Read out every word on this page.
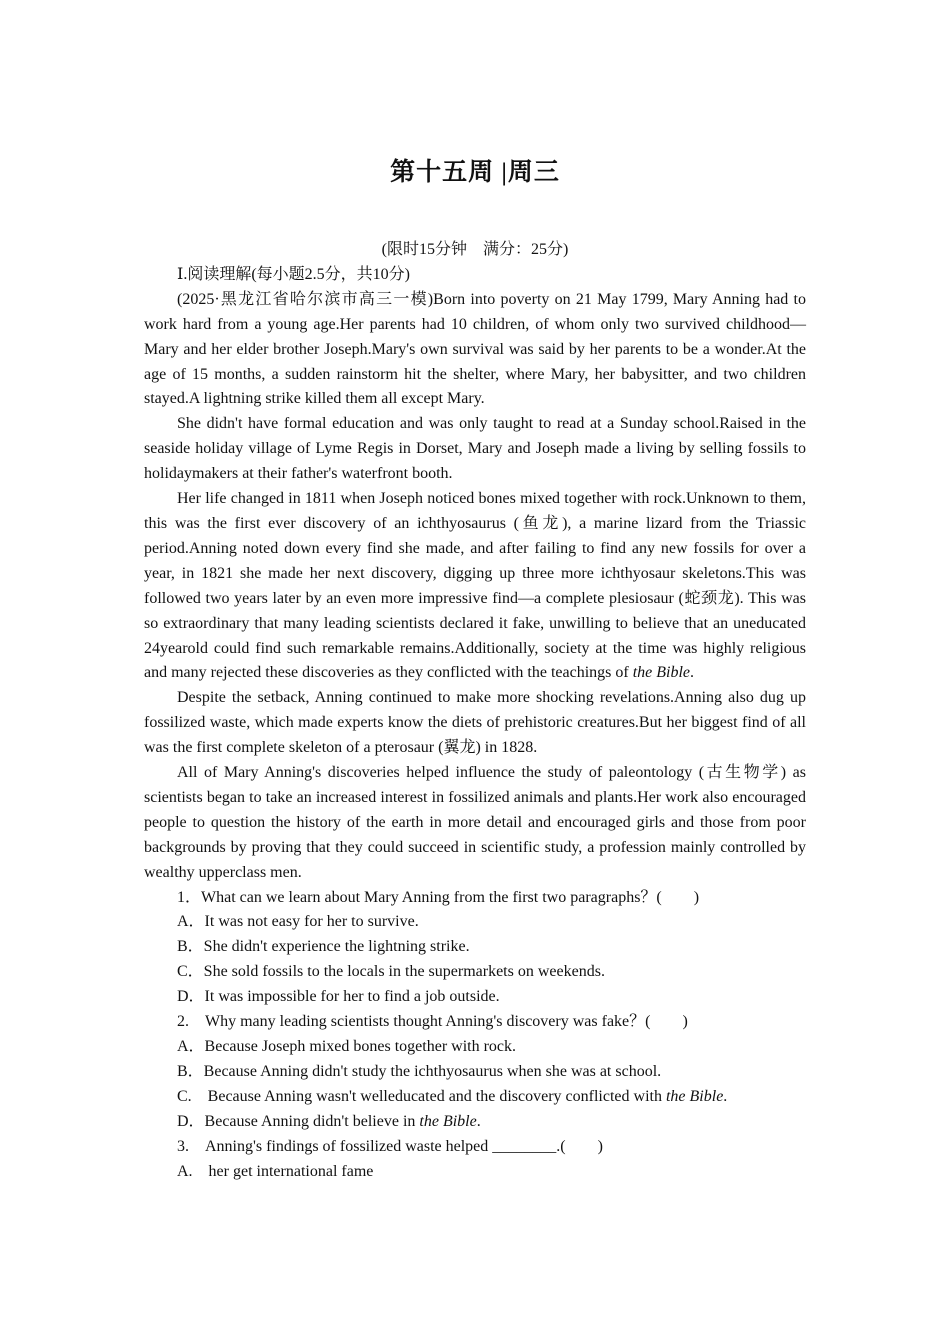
第十五周 |周三

(限时15分钟　满分：25分)

Ⅰ.阅读理解(每小题2.5分，共10分)

(2025·黑龙江省哈尔滨市高三一模)Born into poverty on 21 May 1799, Mary Anning had to work hard from a young age.Her parents had 10 children, of whom only two survived childhood—Mary and her elder brother Joseph.Mary's own survival was said by her parents to be a wonder.At the age of 15 months, a sudden rainstorm hit the shelter, where Mary, her babysitter, and two children stayed.A lightning strike killed them all except Mary.

She didn't have formal education and was only taught to read at a Sunday school.Raised in the seaside holiday village of Lyme Regis in Dorset, Mary and Joseph made a living by selling fossils to holidaymakers at their father's waterfront booth.

Her life changed in 1811 when Joseph noticed bones mixed together with rock.Unknown to them, this was the first ever discovery of an ichthyosaurus (鱼龙), a marine lizard from the Triassic period.Anning noted down every find she made, and after failing to find any new fossils for over a year, in 1821 she made her next discovery, digging up three more ichthyosaur skeletons.This was followed two years later by an even more impressive find—a complete plesiosaur (蛇颈龙). This was so extraordinary that many leading scientists declared it fake, unwilling to believe that an uneducated 24yearold could find such remarkable remains.Additionally, society at the time was highly religious and many rejected these discoveries as they conflicted with the teachings of the Bible.

Despite the setback, Anning continued to make more shocking revelations.Anning also dug up fossilized waste, which made experts know the diets of prehistoric creatures.But her biggest find of all was the first complete skeleton of a pterosaur (翼龙) in 1828.

All of Mary Anning's discoveries helped influence the study of paleontology (古生物学) as scientists began to take an increased interest in fossilized animals and plants.Her work also encouraged people to question the history of the earth in more detail and encouraged girls and those from poor backgrounds by proving that they could succeed in scientific study, a profession mainly controlled by wealthy upperclass men.

1．What can we learn about Mary Anning from the first two paragraphs？(　　)

A．It was not easy for her to survive.

B．She didn't experience the lightning strike.

C．She sold fossils to the locals in the supermarkets on weekends.

D．It was impossible for her to find a job outside.

2.　Why many leading scientists thought Anning's discovery was fake？(　　)

A．Because Joseph mixed bones together with rock.

B．Because Anning didn't study the ichthyosaurus when she was at school.

C.　Because Anning wasn't welleducated and the discovery conflicted with the Bible.

D．Because Anning didn't believe in the Bible.

3.　Anning's findings of fossilized waste helped ________.(　　)

A.　her get international fame
